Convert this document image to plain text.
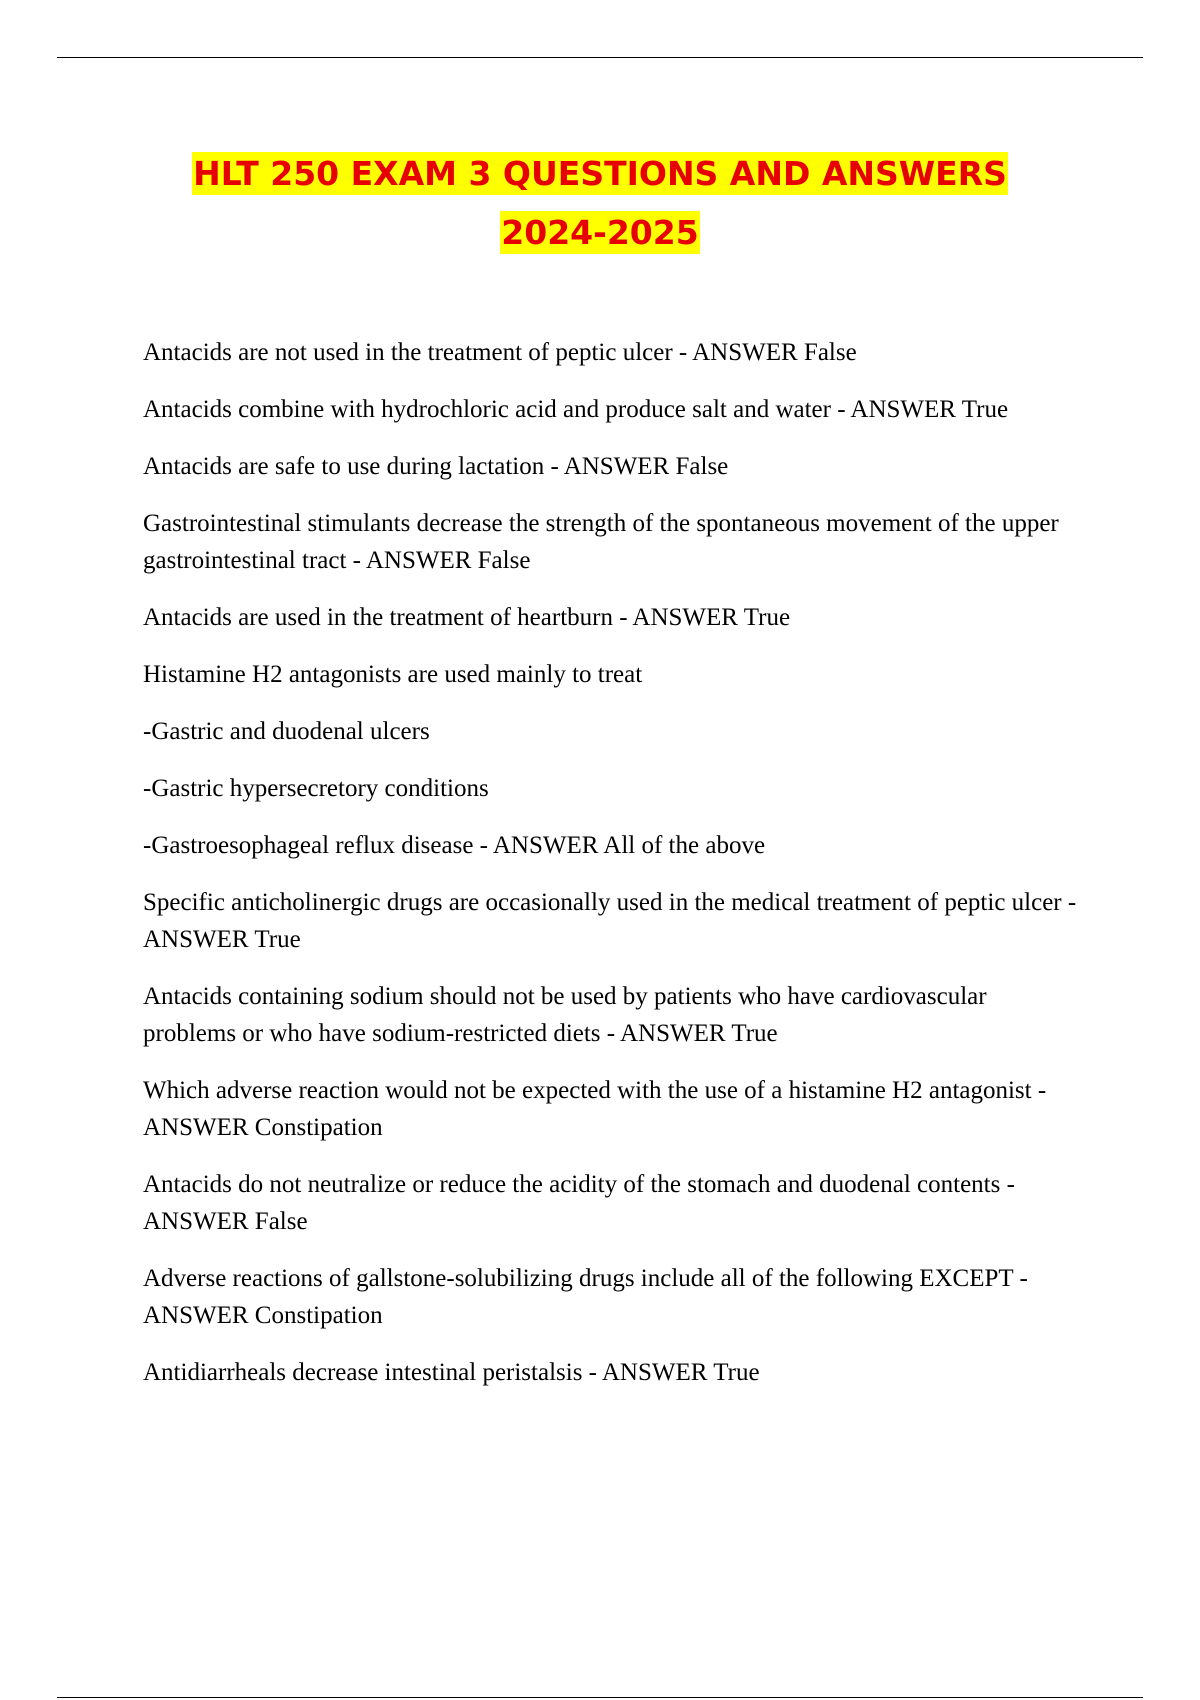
HLT 250 EXAM 3 QUESTIONS AND ANSWERS
2024-2025

Antacids are not used in the treatment of peptic ulcer - ANSWER False

Antacids combine with hydrochloric acid and produce salt and water - ANSWER True

Antacids are safe to use during lactation - ANSWER False

Gastrointestinal stimulants decrease the strength of the spontaneous movement of the upper gastrointestinal tract - ANSWER False

Antacids are used in the treatment of heartburn - ANSWER True

Histamine H2 antagonists are used mainly to treat

-Gastric and duodenal ulcers

-Gastric hypersecretory conditions

-Gastroesophageal reflux disease - ANSWER All of the above

Specific anticholinergic drugs are occasionally used in the medical treatment of peptic ulcer - ANSWER True

Antacids containing sodium should not be used by patients who have cardiovascular problems or who have sodium-restricted diets - ANSWER True

Which adverse reaction would not be expected with the use of a histamine H2 antagonist - ANSWER Constipation

Antacids do not neutralize or reduce the acidity of the stomach and duodenal contents - ANSWER False

Adverse reactions of gallstone-solubilizing drugs include all of the following EXCEPT - ANSWER Constipation

Antidiarrheals decrease intestinal peristalsis - ANSWER True
